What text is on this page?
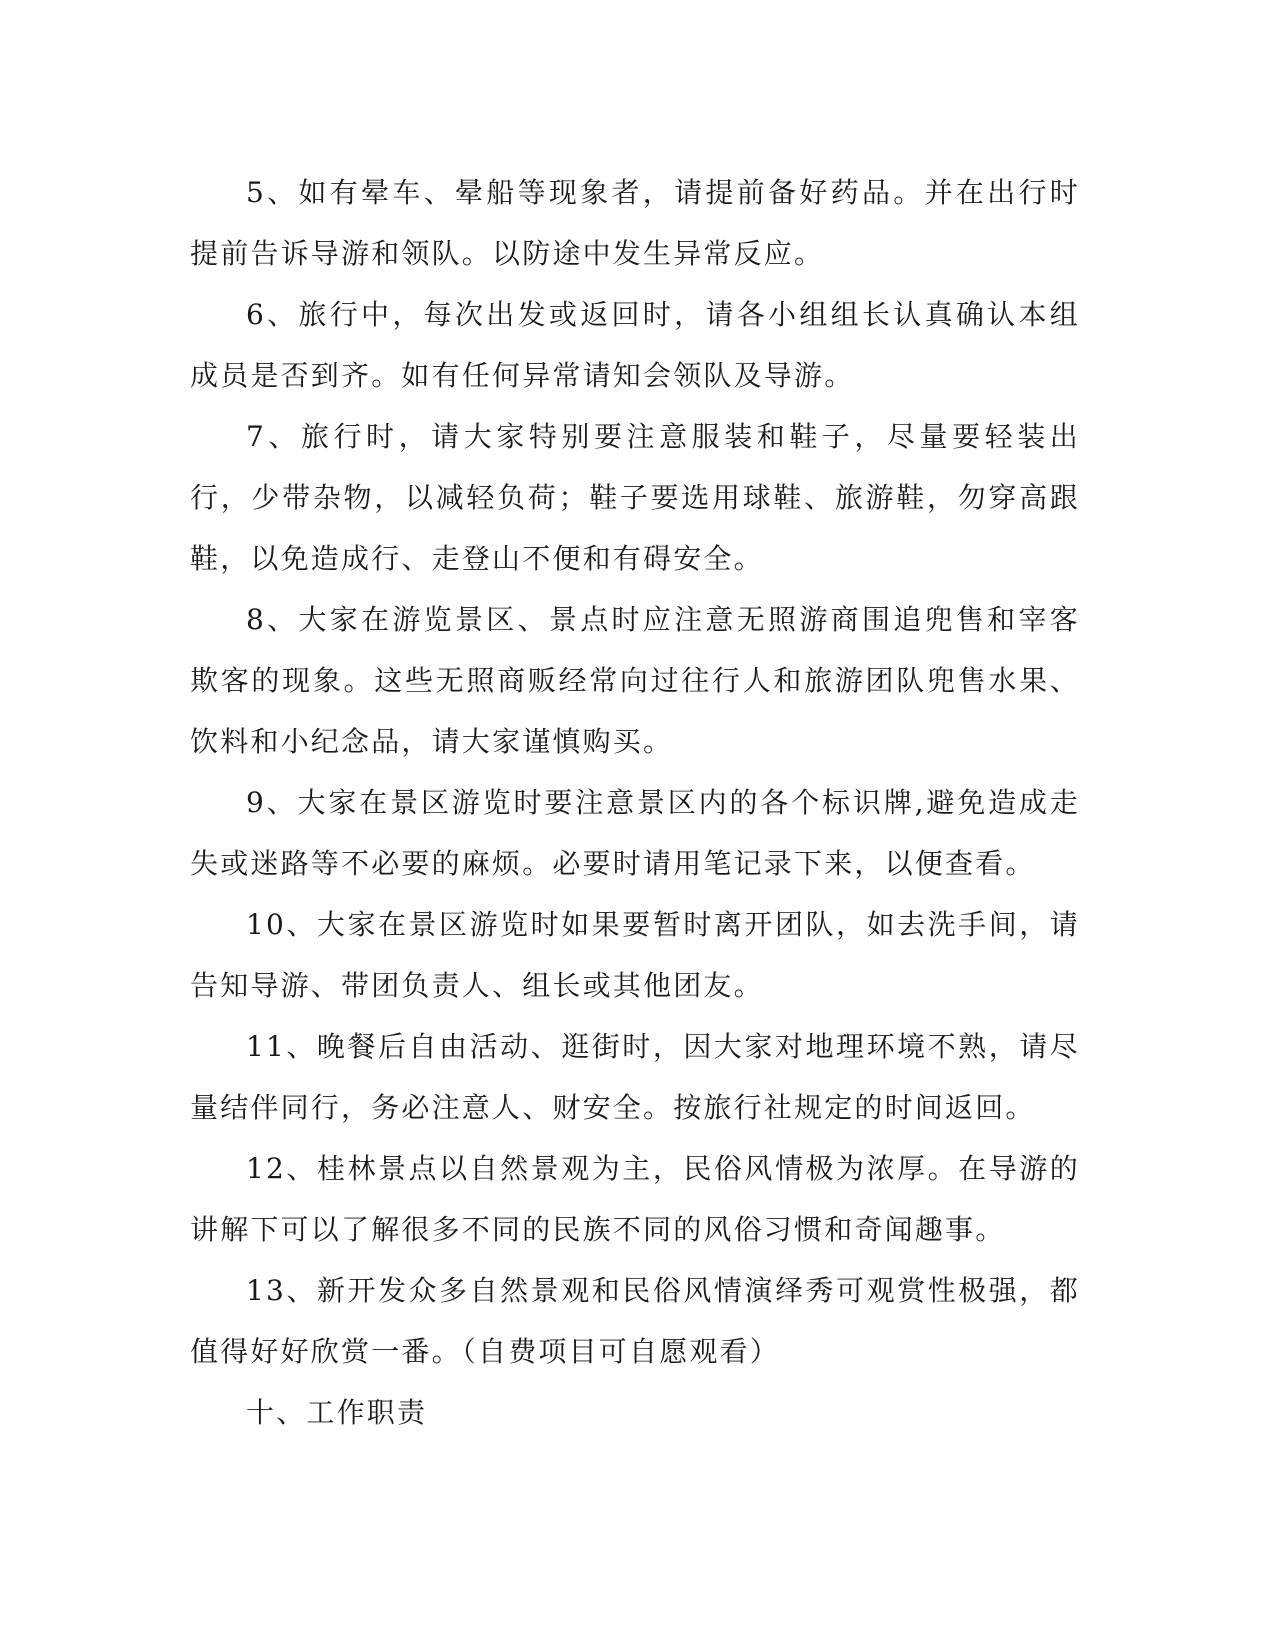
5、如有晕车、晕船等现象者，请提前备好药品。并在出行时提前告诉导游和领队。以防途中发生异常反应。

6、旅行中，每次出发或返回时，请各小组组长认真确认本组成员是否到齐。如有任何异常请知会领队及导游。

7、旅行时，请大家特别要注意服装和鞋子，尽量要轻装出行，少带杂物，以减轻负荷；鞋子要选用球鞋、旅游鞋，勿穿高跟鞋，以免造成行、走登山不便和有碍安全。

8、大家在游览景区、景点时应注意无照游商围追兜售和宰客欺客的现象。这些无照商贩经常向过往行人和旅游团队兜售水果、饮料和小纪念品，请大家谨慎购买。

9、大家在景区游览时要注意景区内的各个标识牌,避免造成走失或迷路等不必要的麻烦。必要时请用笔记录下来，以便查看。

10、大家在景区游览时如果要暂时离开团队，如去洗手间，请告知导游、带团负责人、组长或其他团友。

11、晚餐后自由活动、逛街时，因大家对地理环境不熟，请尽量结伴同行，务必注意人、财安全。按旅行社规定的时间返回。

12、桂林景点以自然景观为主，民俗风情极为浓厚。在导游的讲解下可以了解很多不同的民族不同的风俗习惯和奇闻趣事。

13、新开发众多自然景观和民俗风情演绎秀可观赏性极强，都值得好好欣赏一番。（自费项目可自愿观看）

十、工作职责
